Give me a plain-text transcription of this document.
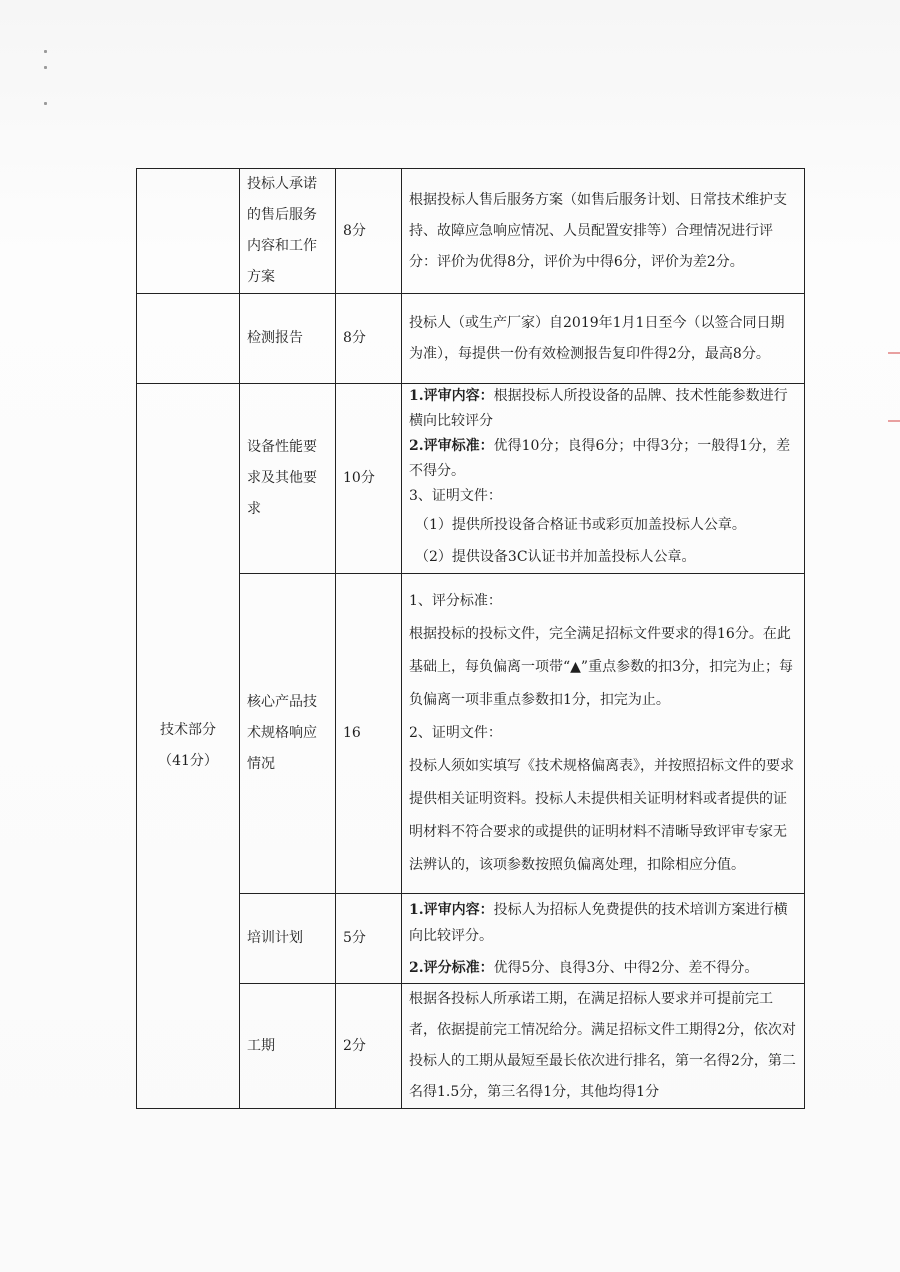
	投标人承诺的售后服务内容和工作方案	8分	根据投标人售后服务方案（如售后服务计划、日常技术维护支持、故障应急响应情况、人员配置安排等）合理情况进行评分：评价为优得8分，评价为中得6分，评价为差2分。
	检测报告	8分	投标人（或生产厂家）自2019年1月1日至今（以签合同日期为准），每提供一份有效检测报告复印件得2分，最高8分。

技术部分
（41分）	设备性能要求及其他要求	10分	1.评审内容：根据投标人所投设备的品牌、技术性能参数进行横向比较评分
2.评审标准：优得10分；良得6分；中得3分；一般得1分，差不得分。
3、证明文件：
（1）提供所投设备合格证书或彩页加盖投标人公章。
（2）提供设备3C认证书并加盖投标人公章。

	核心产品技术规格响应情况	16	1、评分标准：
根据投标的投标文件，完全满足招标文件要求的得16分。在此基础上，每负偏离一项带“▲”重点参数的扣3分，扣完为止；每负偏离一项非重点参数扣1分，扣完为止。
2、证明文件：
投标人须如实填写《技术规格偏离表》，并按照招标文件的要求提供相关证明资料。投标人未提供相关证明材料或者提供的证明材料不符合要求的或提供的证明材料不清晰导致评审专家无法辨认的，该项参数按照负偏离处理，扣除相应分值。

	培训计划	5分	1.评审内容：投标人为招标人免费提供的技术培训方案进行横向比较评分。
2.评分标准：优得5分、良得3分、中得2分、差不得分。

	工期	2分	根据各投标人所承诺工期，在满足招标人要求并可提前完工者，依据提前完工情况给分。满足招标文件工期得2分，依次对投标人的工期从最短至最长依次进行排名，第一名得2分，第二名得1.5分，第三名得1分，其他均得1分
